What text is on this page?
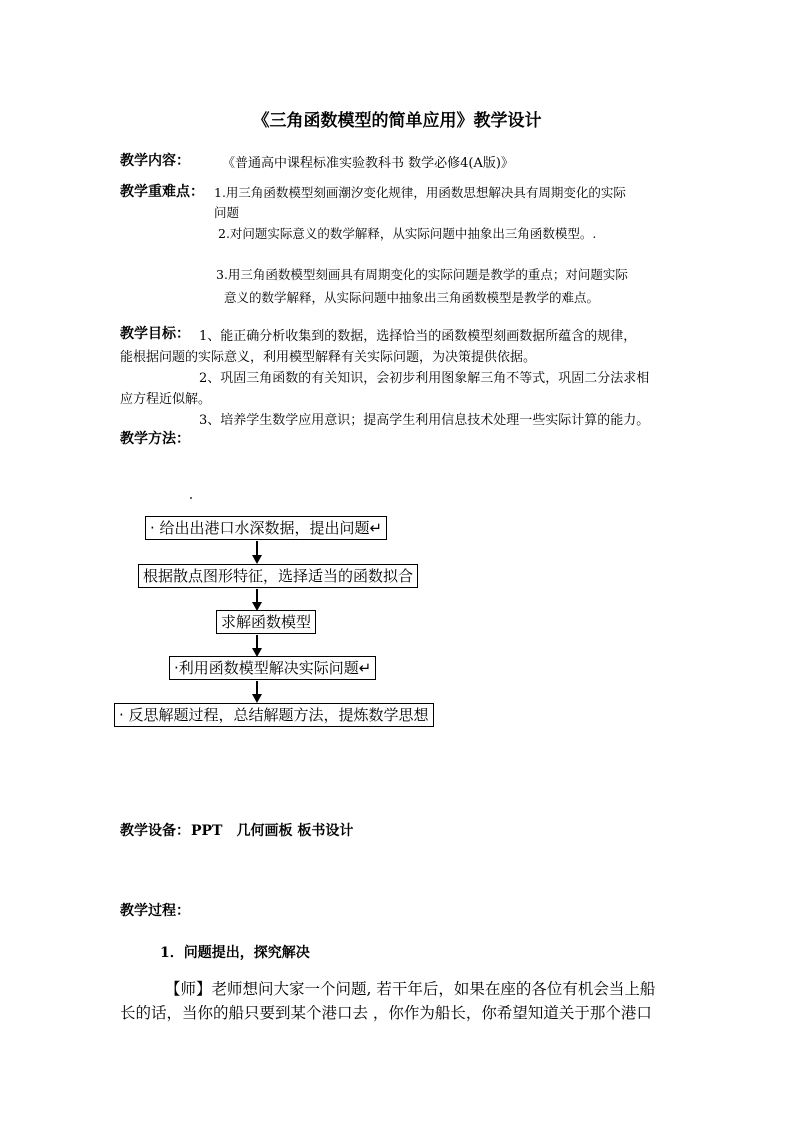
《三角函数模型的简单应用》教学设计
教学内容： 《普通高中课程标准实验教科书 数学必修4(A版)》
教学重难点： 1.用三角函数模型刻画潮汐变化规律，用函数思想解决具有周期变化的实际
问题
2.对问题实际意义的数学解释，从实际问题中抽象出三角函数模型。.
3.用三角函数模型刻画具有周期变化的实际问题是教学的重点；对问题实际
意义的数学解释，从实际问题中抽象出三角函数模型是教学的难点。
教学目标： 1、能正确分析收集到的数据，选择恰当的函数模型刻画数据所蕴含的规律，
能根据问题的实际意义，利用模型解释有关实际问题，为决策提供依据。
2、巩固三角函数的有关知识，会初步利用图象解三角不等式，巩固二分法求相
应方程近似解。
3、培养学生数学应用意识；提高学生利用信息技术处理一些实际计算的能力。
教学方法：
· 给出出港口水深数据，提出问题↵
根据散点图形特征，选择适当的函数拟合
求解函数模型
·利用函数模型解决实际问题↵
· 反思解题过程，总结解题方法，提炼数学思想
教学设备： PPT　几何画板 板书设计
教学过程：
1．问题提出，探究解决
【师】老师想问大家一个问题, 若干年后，如果在座的各位有机会当上船
长的话，当你的船只要到某个港口去 ，你作为船长，你希望知道关于那个港口
